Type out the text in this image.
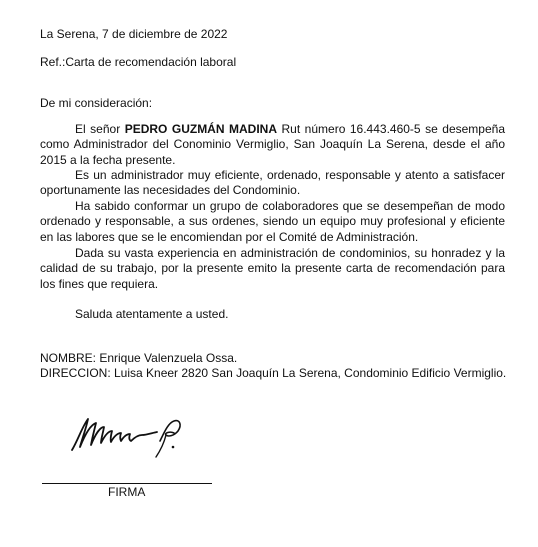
La Serena, 7 de diciembre de 2022
Ref.:Carta de recomendación laboral
De mi consideración:
El señor PEDRO GUZMÁN MADINA Rut número 16.443.460-5 se desempeña como Administrador del Conominio Vermiglio, San Joaquín La Serena, desde el año 2015 a la fecha presente.
Es un administrador muy eficiente, ordenado, responsable y atento a satisfacer oportunamente las necesidades del Condominio.
Ha sabido conformar un grupo de colaboradores que se desempeñan de modo ordenado y responsable, a sus ordenes, siendo un equipo muy profesional y eficiente en las labores que se le encomiendan por el Comité de Administración.
Dada su vasta experiencia en administración de condominios, su honradez y la calidad de su trabajo, por la presente emito la presente carta de recomendación para los fines que requiera.
Saluda atentamente a usted.
NOMBRE: Enrique Valenzuela Ossa.
DIRECCION: Luisa Kneer 2820 San Joaquín La Serena, Condominio Edificio Vermiglio.
FIRMA
